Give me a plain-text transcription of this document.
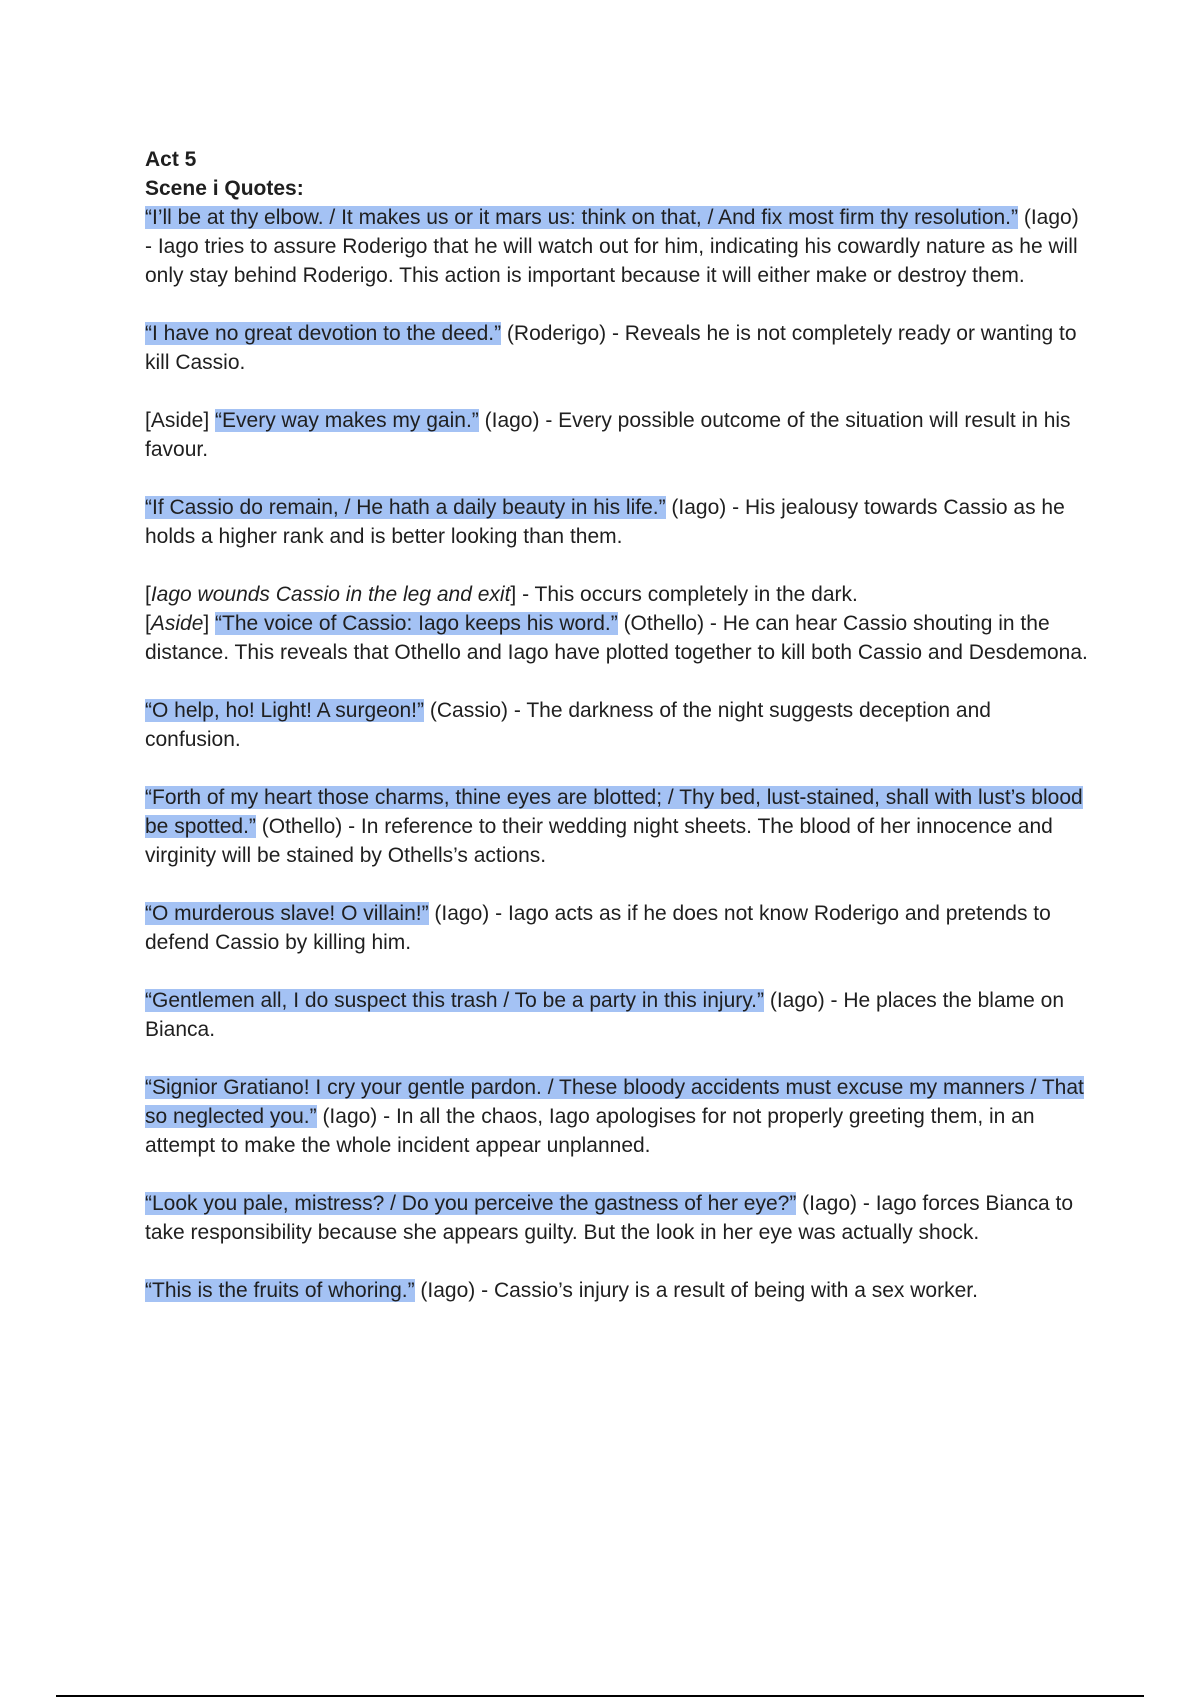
Act 5

Scene i Quotes:

“I’ll be at thy elbow. / It makes us or it mars us: think on that, / And fix most firm thy resolution.” (Iago) - Iago tries to assure Roderigo that he will watch out for him, indicating his cowardly nature as he will only stay behind Roderigo. This action is important because it will either make or destroy them.

“I have no great devotion to the deed.” (Roderigo) - Reveals he is not completely ready or wanting to kill Cassio.

[Aside] “Every way makes my gain.” (Iago) - Every possible outcome of the situation will result in his favour.

“If Cassio do remain, / He hath a daily beauty in his life.” (Iago) - His jealousy towards Cassio as he holds a higher rank and is better looking than them.

[Iago wounds Cassio in the leg and exit] - This occurs completely in the dark.

[Aside] “The voice of Cassio: Iago keeps his word.” (Othello) - He can hear Cassio shouting in the distance. This reveals that Othello and Iago have plotted together to kill both Cassio and Desdemona.

“O help, ho! Light! A surgeon!” (Cassio) - The darkness of the night suggests deception and confusion.

“Forth of my heart those charms, thine eyes are blotted; / Thy bed, lust-stained, shall with lust’s blood be spotted.” (Othello) - In reference to their wedding night sheets. The blood of her innocence and virginity will be stained by Othells’s actions.

“O murderous slave! O villain!” (Iago) - Iago acts as if he does not know Roderigo and pretends to defend Cassio by killing him.

“Gentlemen all, I do suspect this trash / To be a party in this injury.” (Iago) - He places the blame on Bianca.

“Signior Gratiano! I cry your gentle pardon. / These bloody accidents must excuse my manners / That so neglected you.” (Iago) - In all the chaos, Iago apologises for not properly greeting them, in an attempt to make the whole incident appear unplanned.

“Look you pale, mistress? / Do you perceive the gastness of her eye?” (Iago) - Iago forces Bianca to take responsibility because she appears guilty. But the look in her eye was actually shock.

“This is the fruits of whoring.” (Iago) - Cassio’s injury is a result of being with a sex worker.
